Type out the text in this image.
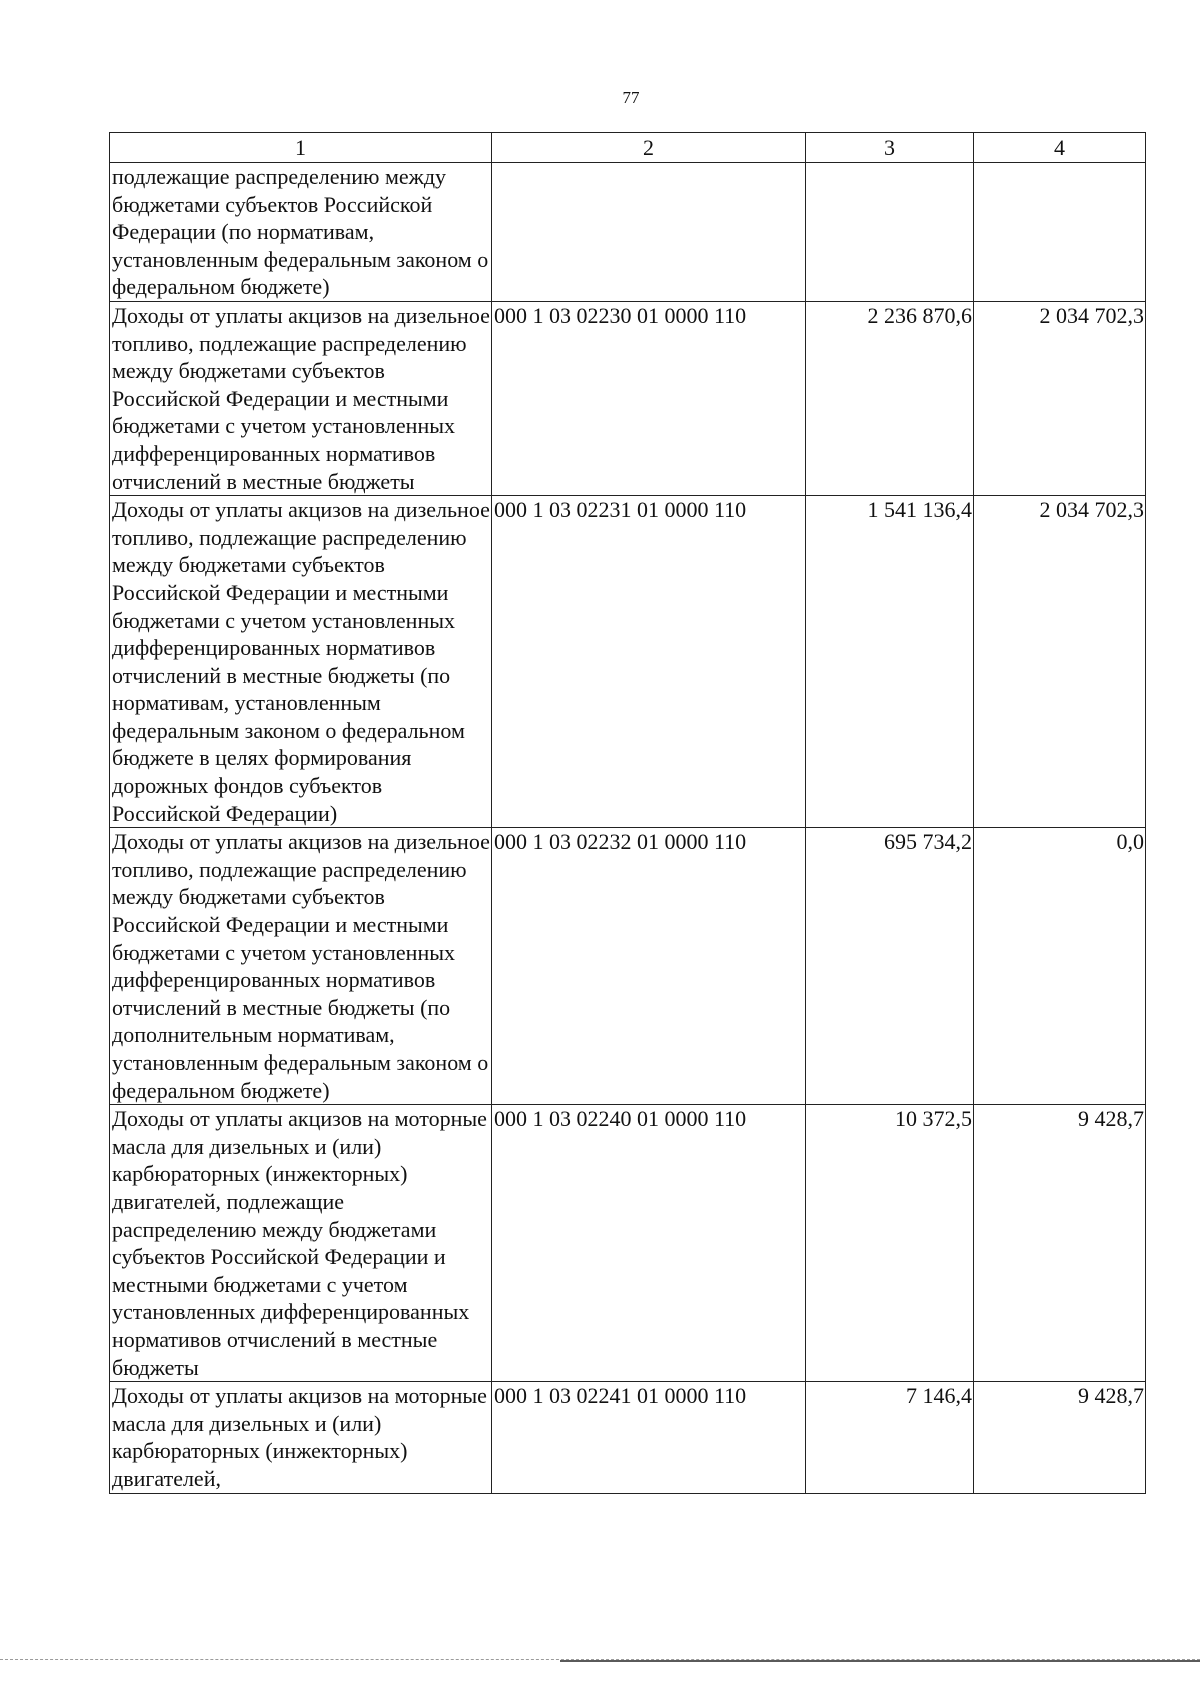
77
1	2	3	4
подлежащие распределению между бюджетами субъектов Российской Федерации (по нормативам, установленным федеральным законом о федеральном бюджете)			
Доходы от уплаты акцизов на дизельное топливо, подлежащие распределению между бюджетами субъектов Российской Федерации и местными бюджетами с учетом установленных дифференцированных нормативов отчислений в местные бюджеты	000 1 03 02230 01 0000 110	2 236 870,6	2 034 702,3
Доходы от уплаты акцизов на дизельное топливо, подлежащие распределению между бюджетами субъектов Российской Федерации и местными бюджетами с учетом установленных дифференцированных нормативов отчислений в местные бюджеты (по нормативам, установленным федеральным законом о федеральном бюджете в целях формирования дорожных фондов субъектов Российской Федерации)	000 1 03 02231 01 0000 110	1 541 136,4	2 034 702,3
Доходы от уплаты акцизов на дизельное топливо, подлежащие распределению между бюджетами субъектов Российской Федерации и местными бюджетами с учетом установленных дифференцированных нормативов отчислений в местные бюджеты (по дополнительным нормативам, установленным федеральным законом о федеральном бюджете)	000 1 03 02232 01 0000 110	695 734,2	0,0
Доходы от уплаты акцизов на моторные масла для дизельных и (или) карбюраторных (инжекторных) двигателей, подлежащие распределению между бюджетами субъектов Российской Федерации и местными бюджетами с учетом установленных дифференцированных нормативов отчислений в местные бюджеты	000 1 03 02240 01 0000 110	10 372,5	9 428,7
Доходы от уплаты акцизов на моторные масла для дизельных и (или) карбюраторных (инжекторных) двигателей,	000 1 03 02241 01 0000 110	7 146,4	9 428,7
